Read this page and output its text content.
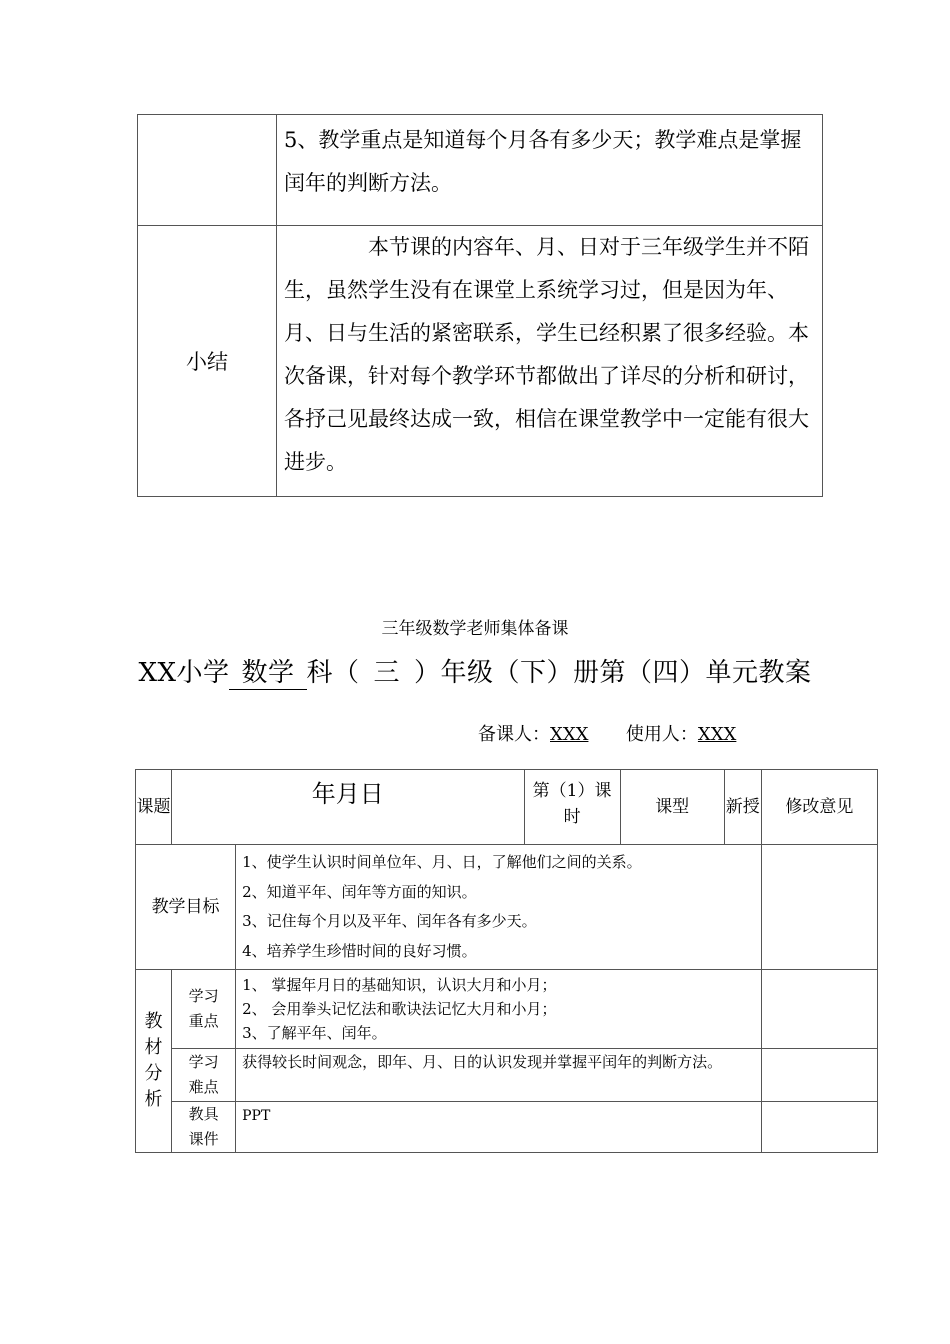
	5、教学重点是知道每个月各有多少天；教学难点是掌握闰年的判断方法。
小结	本节课的内容年、月、日对于三年级学生并不陌生，虽然学生没有在课堂上系统学习过，但是因为年、月、日与生活的紧密联系，学生已经积累了很多经验。本次备课，针对每个教学环节都做出了详尽的分析和研讨，各抒己见最终达成一致，相信在课堂教学中一定能有很大进步。
三年级数学老师集体备课
XX小学 数学 科（ 三 ）年级（下）册第（四）单元教案
备课人：XXX 使用人：XXX
课题	年月日		第（1）课时	课型	新授	修改意见
教学目标		1、使学生认识时间单位年、月、日，了解他们之间的关系。
2、知道平年、闰年等方面的知识。
3、记住每个月以及平年、闰年各有多少天。
4、培养学生珍惜时间的良好习惯。				

教材分析	学习重点	1、 掌握年月日的基础知识，认识大月和小月；
2、 会用拳头记忆法和歌诀法记忆大月和小月；
3、了解平年、闰年。				

	学习难点	获得较长时间观念，即年、月、日的认识发现并掌握平闰年的判断方法。				
	教具课件	PPT				
